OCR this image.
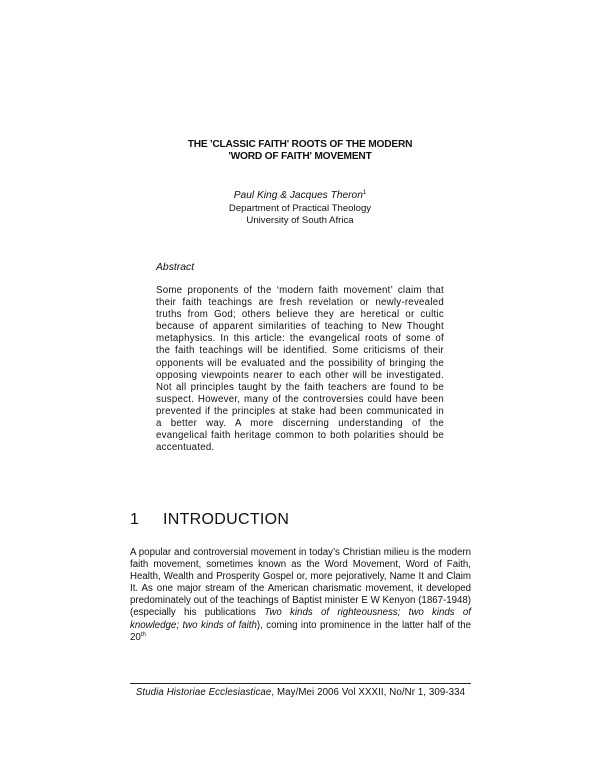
THE 'CLASSIC FAITH' ROOTS OF THE MODERN
'WORD OF FAITH' MOVEMENT
Paul King & Jacques Theron$^1$
Department of Practical Theology
University of South Africa
Abstract
Some proponents of the ‘modern faith movement’ claim that their faith teachings are fresh revelation or newly-revealed truths from God; others believe they are heretical or cultic because of apparent similarities of teaching to New Thought metaphysics. In this article: the evangelical roots of some of the faith teachings will be identified. Some criticisms of their opponents will be evaluated and the possibility of bringing the opposing viewpoints nearer to each other will be investigated. Not all principles taught by the faith teachers are found to be suspect. However, many of the controversies could have been prevented if the principles at stake had been communicated in a better way. A more discerning understanding of the evangelical faith heritage common to both polarities should be accentuated.
1 INTRODUCTION
A popular and controversial movement in today’s Christian milieu is the modern faith movement, sometimes known as the Word Movement, Word of Faith, Health, Wealth and Prosperity Gospel or, more pejoratively, Name It and Claim It. As one major stream of the American charismatic movement, it developed predominately out of the teachings of Baptist minister E W Kenyon (1867-1948) (especially his publications Two kinds of righteousness; two kinds of knowledge; two kinds of faith), coming into prominence in the latter half of the 20th
Studia Historiae Ecclesiasticae, May/Mei 2006 Vol XXXII, No/Nr 1, 309-334
